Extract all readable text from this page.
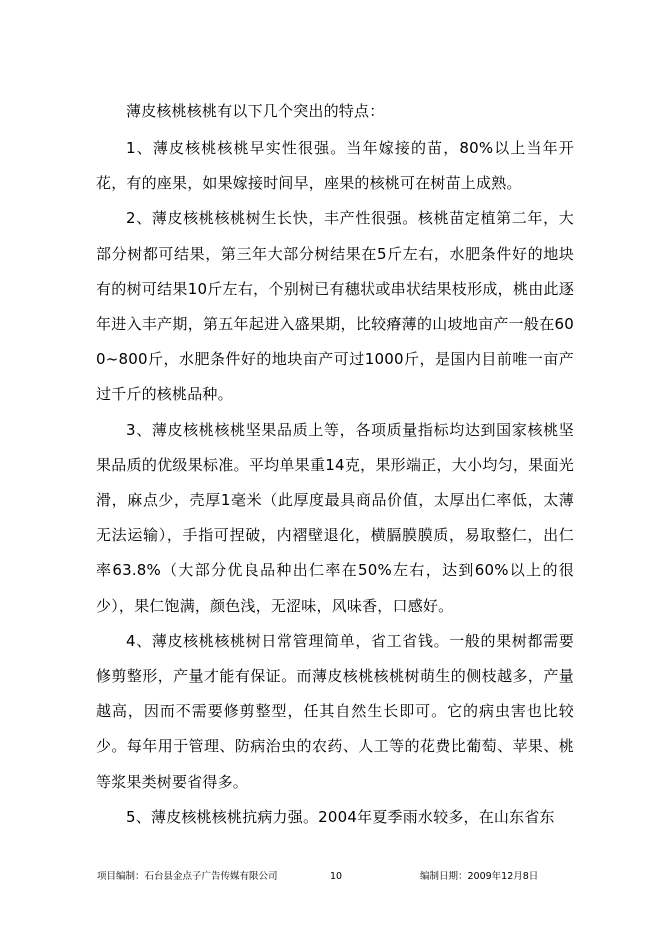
薄皮核桃核桃有以下几个突出的特点：

1、薄皮核桃核桃早实性很强。当年嫁接的苗，80%以上当年开花，有的座果，如果嫁接时间早，座果的核桃可在树苗上成熟。

2、薄皮核桃核桃树生长快，丰产性很强。核桃苗定植第二年，大部分树都可结果，第三年大部分树结果在5斤左右，水肥条件好的地块有的树可结果10斤左右，个别树已有穗状或串状结果枝形成，桃由此逐年进入丰产期，第五年起进入盛果期，比较瘠薄的山坡地亩产一般在600~800斤，水肥条件好的地块亩产可过1000斤，是国内目前唯一亩产过千斤的核桃品种。

3、薄皮核桃核桃坚果品质上等，各项质量指标均达到国家核桃坚果品质的优级果标准。平均单果重14克，果形端正，大小均匀，果面光滑，麻点少，壳厚1毫米（此厚度最具商品价值，太厚出仁率低，太薄无法运输），手指可捏破，内褶壁退化，横膈膜膜质，易取整仁，出仁率63.8%（大部分优良品种出仁率在50%左右，达到60%以上的很少），果仁饱满，颜色浅，无涩味，风味香，口感好。

4、薄皮核桃核桃树日常管理简单，省工省钱。一般的果树都需要修剪整形，产量才能有保证。而薄皮核桃核桃树萌生的侧枝越多，产量越高，因而不需要修剪整型，任其自然生长即可。它的病虫害也比较少。每年用于管理、防病治虫的农药、人工等的花费比葡萄、苹果、桃等浆果类树要省得多。

5、薄皮核桃核桃抗病力强。2004年夏季雨水较多，在山东省东

项目编制：石台县金点子广告传媒有限公司	10	编制日期：2009年12月8日
